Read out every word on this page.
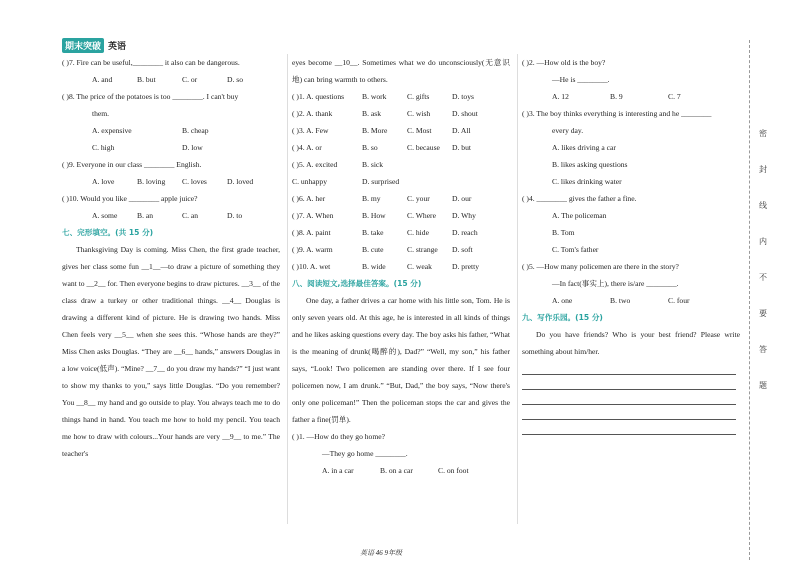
期末突破 英语
( )7. Fire can be useful,________ it also can be dangerous.
A. and	B. but	C. or	D. so
( )8. The price of the potatoes is too ________. I can't buy
them.
A. expensive	B. cheap
C. high	D. low
( )9. Everyone in our class ________ English.
A. love	B. loving	C. loves	D. loved
( )10. Would you like ________ apple juice?
A. some	B. an	C. an	D. to
七、完形填空。(共 15 分)
Thanksgiving Day is coming. Miss Chen, the first grade teacher, gives her class some fun __1__—to draw a picture of something they want to __2__ for. Then everyone begins to draw pictures. __3__ of the class draw a turkey or other traditional things. __4__ Douglas is drawing a different kind of picture. He is drawing two hands. Miss Chen feels very __5__ when she sees this. “Whose hands are they?” Miss Chen asks Douglas. “They are __6__ hands,” answers Douglas in a low voice(低声). “Mine? __7__ do you draw my hands?” “I just want to show my thanks to you,” says little Douglas. “Do you remember? You __8__ my hand and go outside to play. You always teach me to do things hand in hand. You teach me how to hold my pencil. You teach me how to draw with colours...Your hands are very __9__ to me.” The teacher's
eyes become __10__. Sometimes what we do unconsciously(无意识地) can bring warmth to others.
( )1. A. questions B. work	C. gifts	D. toys
( )2. A. thank	B. ask	C. wish	D. shout
( )3. A. Few	B. More	C. Most	D. All
( )4. A. or	B. so	C. because D. but
( )5. A. excited	B. sick
C. unhappy	D. surprised
( )6. A. her	B. my	C. your	D. our
( )7. A. When	B. How	C. Where D. Why
( )8. A. paint	B. take	C. hide	D. reach
( )9. A. warm	B. cute	C. strange D. soft
( )10. A. wet	B. wide	C. weak	D. pretty
八、阅读短文,选择最佳答案。(15 分)
One day, a father drives a car home with his little son, Tom. He is only seven years old. At this age, he is interested in all kinds of things and he likes asking questions every day. The boy asks his father, “What is the meaning of drunk(喝醉的), Dad?” “Well, my son,” his father says, “Look! Two policemen are standing over there. If I see four policemen now, I am drunk.” “But, Dad,” the boy says, “Now there's only one policeman!” Then the policeman stops the car and gives the father a fine(罚单).
( )1. —How do they go home?
—They go home ________.
A. in a car	B. on a car	C. on foot
( )2. —How old is the boy?
—He is ________.
A. 12	B. 9	C. 7
( )3. The boy thinks everything is interesting and he ________
every day.
A. likes driving a car
B. likes asking questions
C. likes drinking water
( )4. ________ gives the father a fine.
A. The policeman
B. Tom
C. Tom's father
( )5. —How many policemen are there in the story?
—In fact(事实上), there is/are ________.
A. one	B. two	C. four
九、写作乐园。(15 分)
Do you have friends? Who is your best friend? Please write something about him/her.
密
封
线
内
不
要
答
题
英语 46 9年级
